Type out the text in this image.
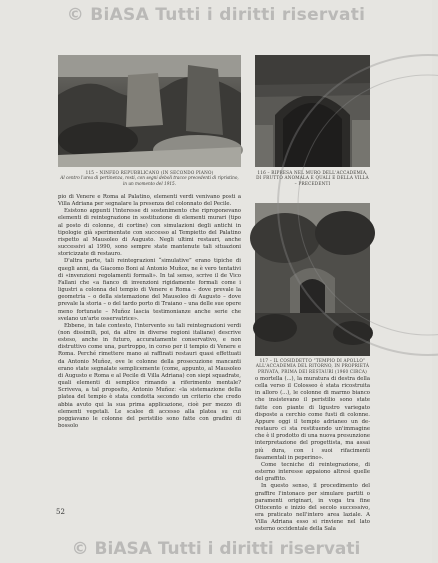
© BiASA Tutti i diritti riservati
115 – NINFEO REPUBBLICANO (IN SECONDO PIANO)
Al centro l'area di pertinenza, resti, con segni deboli tracce precedenti di ripristino, in un momento del 1915.
116 – RIPRESA NEL MURO DELL'ACCADEMIA, DI FRUTTO ANOMALA E QUALI E DELLA VILLA – PRECEDENTI
117 – IL COSIDDETTO “TEMPIO DI APOLLO” ALL'ACCADEMIA DEL RITORNO, IN PROPRIETÀ PRIVATA, PRIMA DEI RESTAURI (1960 CIRCA)

pio di Venere e Roma al Palatino, elementi verdi venivano posti a Villa Adriana per segnalare la presenza del colonnato del Pecile.

Esistono appunti l'interesse di sostenimento che riproponevano elementi di reintegrazione in sostituzione di elementi murari (tipo al posto di colonne, di cortine) con simulazioni degli antichi in tipologie già sperimentate con successo al Tempietto del Palatino rispetto al Mausoleo di Augusto. Negli ultimi restauri, anche successivi al 1990, sono sempre state mantenute tali situazioni storicizzate di restauro.

D'altra parte, tali reintegrazioni “simulative” erano tipiche di quegli anni, da Giacomo Boni al Antonio Muñoz, ne è vero tentativi di «invenzioni regolamenti formali». In tal senso, scrive il de Vico Fallani che «a fianco di invenzioni rigidamente formali come i ligustri a colonna del tempio di Venere e Roma – dove prevale la geometria – o della sistemazione del Mausoleo di Augusto – dove prevale la storia – o del tardo porto di Traiano – una delle sue opere meno fortunate – Muñoz lascia testimonianze anche serie che svelano un'arte osservatrice».

Ebbene, in tale contesto, l'intervento su tali reintegrazioni verdi (non dissimili, poi, da altre in diverse regioni italiane) descrive esteso, anche in futuro, accuratamente conservativo, e non distruttivo come una, purtroppo, in corso per il tempio di Venere e Roma. Perché rimettere mano ai raffinati restauri quasi effettuati da Antonio Muñoz, ove le colonne della prosecuzione mancanti erano state segnalate semplicemente (come, appunto, al Mausoleo di Augusto e Roma e al Pecile di Villa Adriana) con siepi squadrate, quali elementi di semplice rimando a riferimento mentale? Scriveva, a tal proposito, Antonio Muñoz: «la sistemazione della platea del tempio è stata condotta secondo un criterio che credo abbia avuto qui la sua prima applicazione, cioè per mezzo di elementi vegetali. Le scalee di accesso alla platea su cui poggiavano le colonne del peristilio sono fatte con gradini di bossolo

o mortella (...), la muratura di destra della cella verso il Colosseo è stata ricostruita in alloro (...), le colonne di marmo bianco che insistevano il peristilio sono state fatte con piante di ligustro variegato disposte a cerchio come fusti di colonne. Appure oggi il tempio adrianeo un de-restauro ci sta restituendo un'immagine che è il prodotto di una nuova presunzione interpretazione del progettista, ma assai più dura, con i suoi rifacimenti fasamentali in peperino».

Come tecniche di reintegrazione, di esterno interesse appaiono altresì quelle del graffito.

In questo senso, il procedimento del graffire l'intonaco per simulare partiti o paramenti originari, in voga tra fine Ottocento e inizio del secolo successivo, era praticato nell'intero area laziale. A Villa Adriana esso si rinviene nel lato esterno occidentale della Sala

52
© BiASA Tutti i diritti riservati
